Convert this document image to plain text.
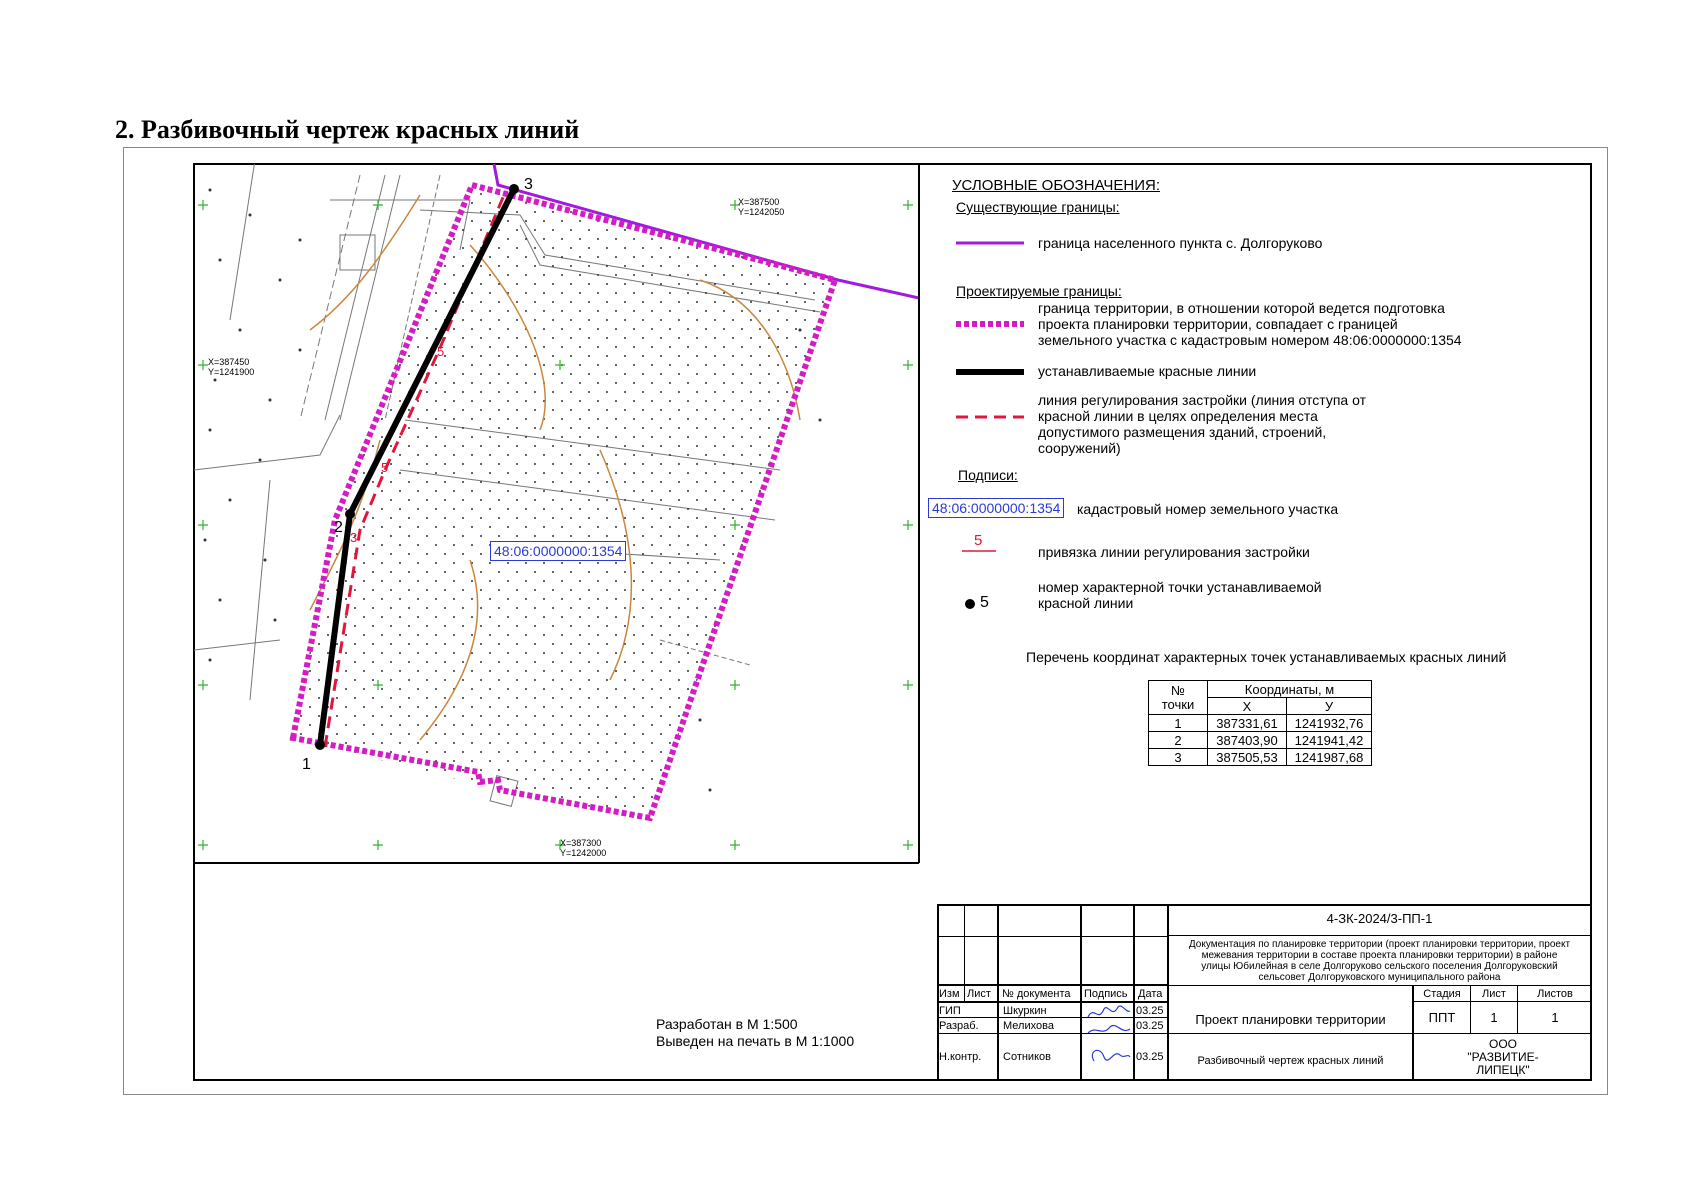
2. Разбивочный чертеж красных линий
48:06:0000000:1354
X=387500
Y=1242050
X=387450
Y=1241900
X=387300
Y=1242000
1
2
3
5
5
3
УСЛОВНЫЕ ОБОЗНАЧЕНИЯ:
Существующие границы:
граница населенного пункта с. Долгоруково
Проектируемые границы:
граница территории, в отношении которой ведется подготовка
проекта планировки территории, совпадает с границей
земельного участка с кадастровым номером 48:06:0000000:1354
устанавливаемые красные линии
линия регулирования застройки (линия отступа от
красной линии в целях определения места
допустимого размещения зданий, строений,
сооружений)
Подписи:
48:06:0000000:1354 кадастровый номер земельного участка
5
привязка линии регулирования застройки
5
номер характерной точки устанавливаемой
красной линии
Перечень координат характерных точек устанавливаемых красных линий
№
точки	Координаты, м	
	X	У
1	387331,61	1241932,76
2	387403,90	1241941,42
3	387505,53	1241987,68
Разработан в М 1:500
Выведен на печать в М 1:1000
4-ЗК-2024/3-ПП-1
Документация по планировке территории (проект планировки территории, проект
межевания территории в составе проекта планировки территории) в районе
улицы Юбилейная в селе Долгоруково сельского поселения Долгоруковский
сельсовет Долгоруковского муниципального района
Изм Лист № документа Подпись Дата
ГИП	Шкуркин	03.25
Разраб. Мелихова	03.25
Н.контр. Сотников	03.25
Проект планировки территории
Разбивочный чертеж красных линий
Стадия	Лист	Листов
ППТ	1	1
ООО
"РАЗВИТИЕ-
ЛИПЕЦК"
